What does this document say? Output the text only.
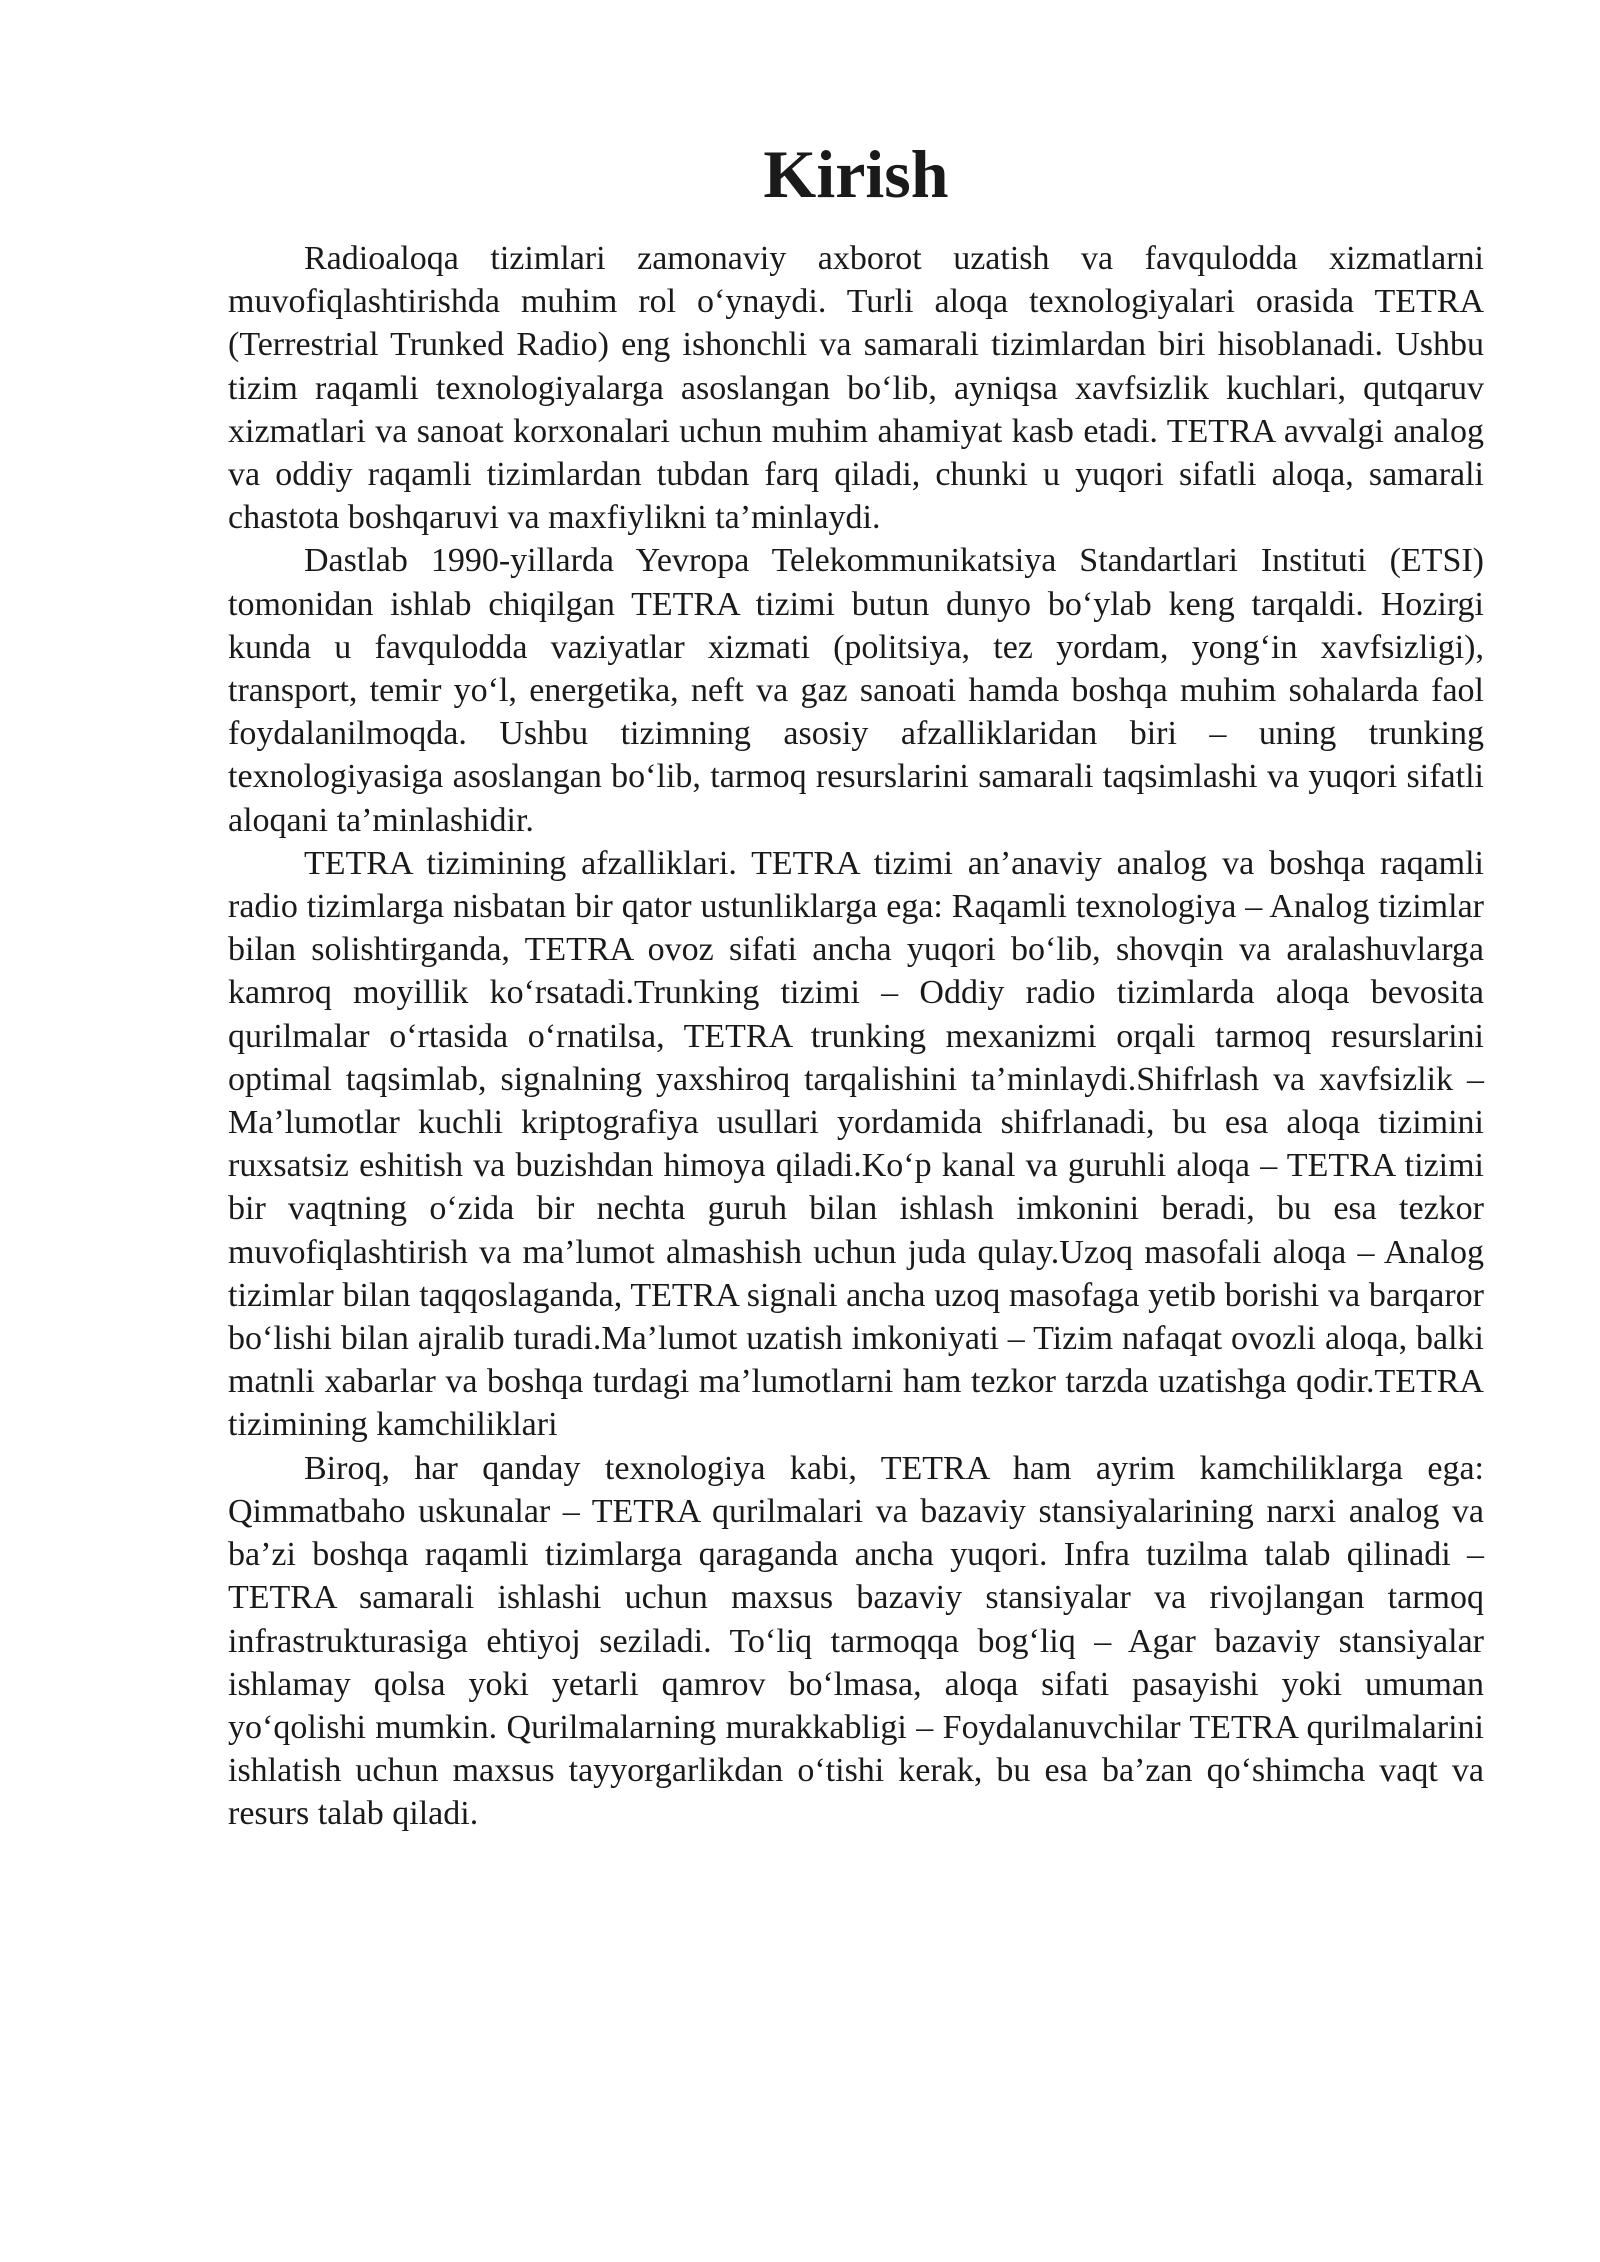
Kirish

Radioaloqa tizimlari zamonaviy axborot uzatish va favqulodda xizmatlarni muvofiqlashtirishda muhim rol o‘ynaydi. Turli aloqa texnologiyalari orasida TETRA (Terrestrial Trunked Radio) eng ishonchli va samarali tizimlardan biri hisoblanadi. Ushbu tizim raqamli texnologiyalarga asoslangan bo‘lib, ayniqsa xavfsizlik kuchlari, qutqaruv xizmatlari va sanoat korxonalari uchun muhim ahamiyat kasb etadi. TETRA avvalgi analog va oddiy raqamli tizimlardan tubdan farq qiladi, chunki u yuqori sifatli aloqa, samarali chastota boshqaruvi va maxfiylikni ta’minlaydi.

Dastlab 1990-yillarda Yevropa Telekommunikatsiya Standartlari Instituti (ETSI) tomonidan ishlab chiqilgan TETRA tizimi butun dunyo bo‘ylab keng tarqaldi. Hozirgi kunda u favqulodda vaziyatlar xizmati (politsiya, tez yordam, yong‘in xavfsizligi), transport, temir yo‘l, energetika, neft va gaz sanoati hamda boshqa muhim sohalarda faol foydalanilmoqda. Ushbu tizimning asosiy afzalliklaridan biri – uning trunking texnologiyasiga asoslangan bo‘lib, tarmoq resurslarini samarali taqsimlashi va yuqori sifatli aloqani ta’minlashidir.

TETRA tizimining afzalliklari. TETRA tizimi an’anaviy analog va boshqa raqamli radio tizimlarga nisbatan bir qator ustunliklarga ega: Raqamli texnologiya – Analog tizimlar bilan solishtirganda, TETRA ovoz sifati ancha yuqori bo‘lib, shovqin va aralashuvlarga kamroq moyillik ko‘rsatadi.Trunking tizimi – Oddiy radio tizimlarda aloqa bevosita qurilmalar o‘rtasida o‘rnatilsa, TETRA trunking mexanizmi orqali tarmoq resurslarini optimal taqsimlab, signalning yaxshiroq tarqalishini ta’minlaydi.Shifrlash va xavfsizlik – Ma’lumotlar kuchli kriptografiya usullari yordamida shifrlanadi, bu esa aloqa tizimini ruxsatsiz eshitish va buzishdan himoya qiladi.Ko‘p kanal va guruhli aloqa – TETRA tizimi bir vaqtning o‘zida bir nechta guruh bilan ishlash imkonini beradi, bu esa tezkor muvofiqlashtirish va ma’lumot almashish uchun juda qulay.Uzoq masofali aloqa – Analog tizimlar bilan taqqoslaganda, TETRA signali ancha uzoq masofaga yetib borishi va barqaror bo‘lishi bilan ajralib turadi.Ma’lumot uzatish imkoniyati – Tizim nafaqat ovozli aloqa, balki matnli xabarlar va boshqa turdagi ma’lumotlarni ham tezkor tarzda uzatishga qodir.TETRA tizimining kamchiliklari

Biroq, har qanday texnologiya kabi, TETRA ham ayrim kamchiliklarga ega: Qimmatbaho uskunalar – TETRA qurilmalari va bazaviy stansiyalarining narxi analog va ba’zi boshqa raqamli tizimlarga qaraganda ancha yuqori. Infra tuzilma talab qilinadi – TETRA samarali ishlashi uchun maxsus bazaviy stansiyalar va rivojlangan tarmoq infrastrukturasiga ehtiyoj seziladi. To‘liq tarmoqqa bog‘liq – Agar bazaviy stansiyalar ishlamay qolsa yoki yetarli qamrov bo‘lmasa, aloqa sifati pasayishi yoki umuman yo‘qolishi mumkin. Qurilmalarning murakkabligi – Foydalanuvchilar TETRA qurilmalarini ishlatish uchun maxsus tayyorgarlikdan o‘tishi kerak, bu esa ba’zan qo‘shimcha vaqt va resurs talab qiladi.
